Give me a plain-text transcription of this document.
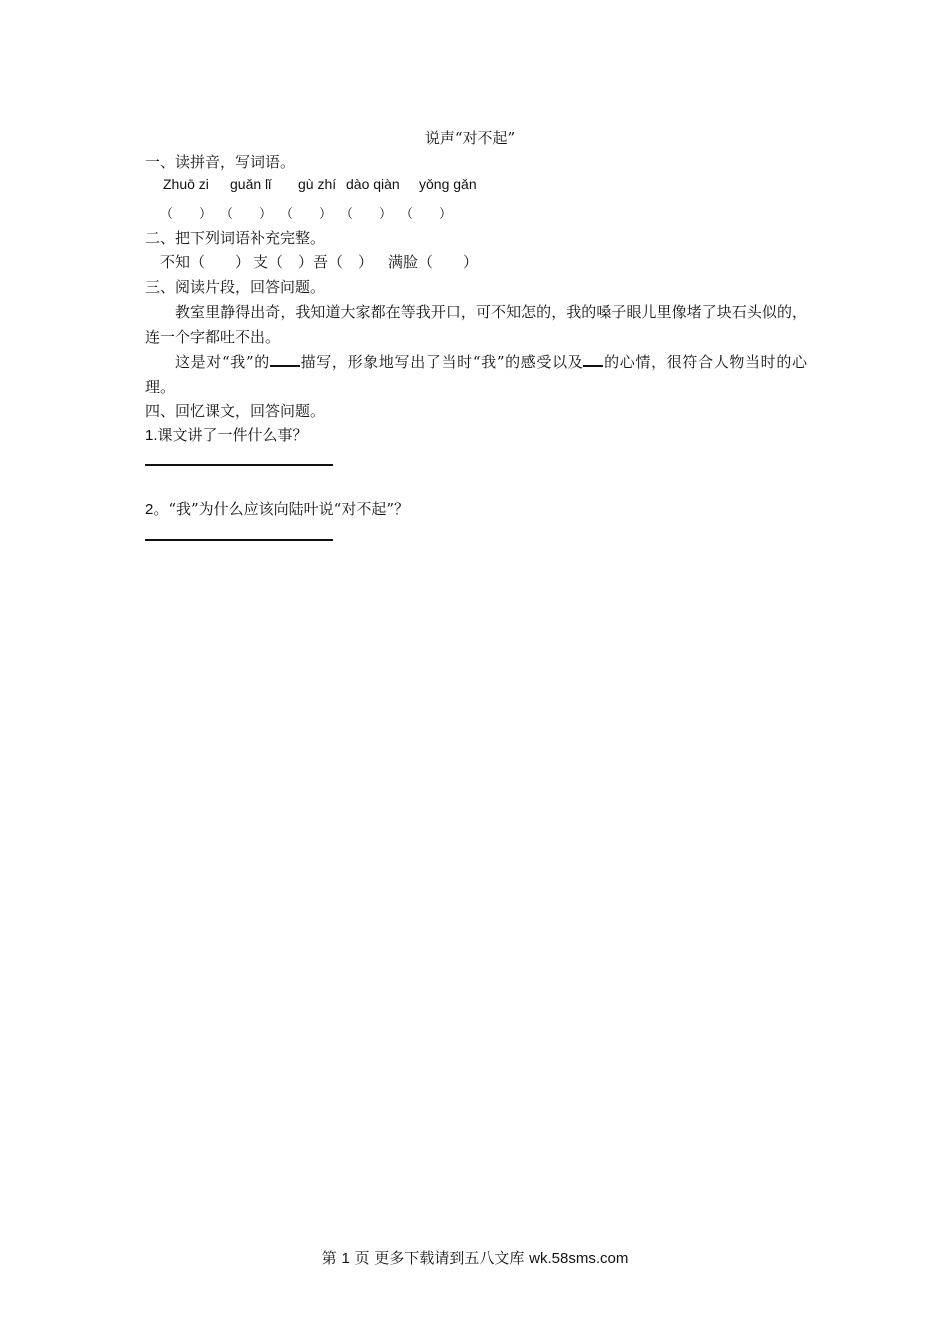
说声“对不起”
一、读拼音，写词语。
Zhuō zi guǎn lǐ gù zhí dào qiàn yǒng gǎn
（　　） （　　） （　　） （　　） （　　）
二、把下列词语补充完整。
不知（　　） 支（　）吾（　） 满脸（　　）
三、阅读片段，回答问题。
教室里静得出奇，我知道大家都在等我开口，可不知怎的，我的嗓子眼儿里像堵了块石头似的，连一个字都吐不出。
这是对“我”的 描写，形象地写出了当时“我”的感受以及 的心情，很符合人物当时的心理。
四、回忆课文，回答问题。
1.课文讲了一件什么事？
2。“我”为什么应该向陆叶说“对不起”？
第 1 页 更多下载请到五八文库 wk.58sms.com
